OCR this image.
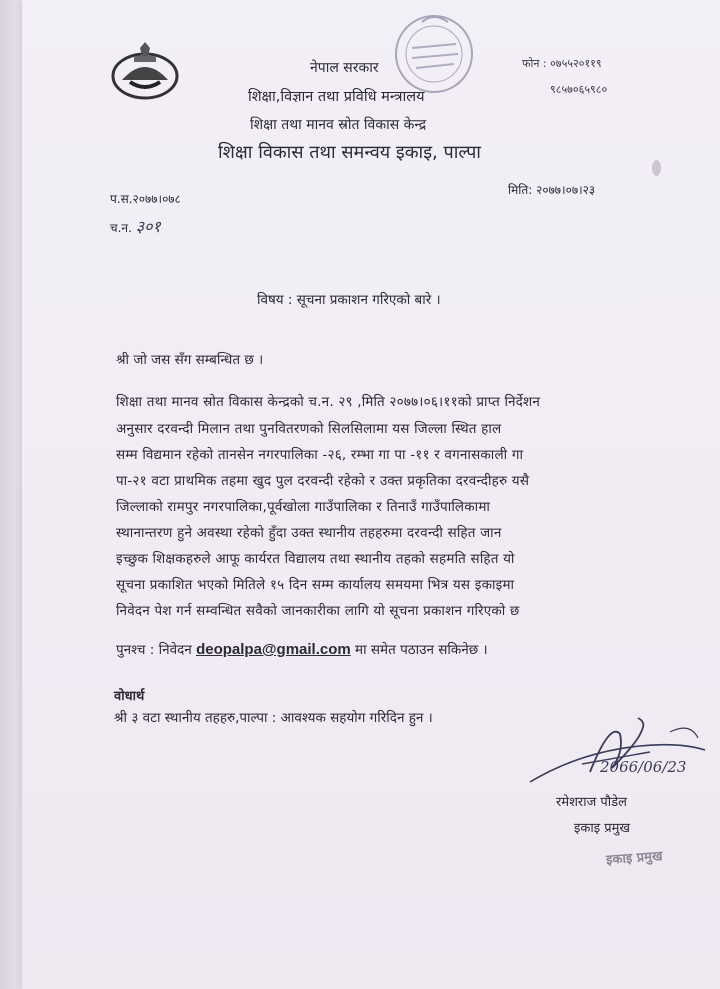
नेपाल सरकार
शिक्षा,विज्ञान तथा प्रविधि मन्त्रालय
शिक्षा तथा मानव स्रोत विकास केन्द्र
शिक्षा विकास तथा समन्वय इकाइ, पाल्पा
फोन : ०७५५२०११९
९८५७०६५९८०
प.स.२०७७।०७८
च.न. ३०१
मिति: २०७७।०७।२३
विषय : सूचना प्रकाशन गरिएको बारे ।
श्री जो जस सँग सम्बन्धित छ ।
शिक्षा तथा मानव स्रोत विकास केन्द्रको च.न. २९ ,मिति २०७७।०६।११को प्राप्त निर्देशन
अनुसार दरवन्दी मिलान तथा पुनवितरणको सिलसिलामा यस जिल्ला स्थित हाल
सम्म विद्यमान रहेको तानसेन नगरपालिका -२६, रम्भा गा पा -११ र वगनासकाली गा
पा-२१ वटा प्राथमिक तहमा खुद पुल दरवन्दी रहेको र उक्त प्रकृतिका दरवन्दीहरु यसै
जिल्लाको रामपुर नगरपालिका,पूर्वखोला गाउँपालिका र तिनाउँ गाउँपालिकामा
स्थानान्तरण हुने अवस्था रहेको हुँदा उक्त स्थानीय तहहरुमा दरवन्दी सहित जान
इच्छुक शिक्षकहरुले आफू कार्यरत विद्यालय तथा स्थानीय तहको सहमति सहित यो
सूचना प्रकाशित भएको मितिले १५ दिन सम्म कार्यालय समयमा भित्र यस इकाइमा
निवेदन पेश गर्न सम्वन्धित सवैको जानकारीका लागि यो सूचना प्रकाशन गरिएको छ
पुनश्च : निवेदन deopalpa@gmail.com मा समेत पठाउन सकिनेछ ।
वोधार्थ
श्री ३ वटा स्थानीय तहहरु,पाल्पा : आवश्यक सहयोग गरिदिन हुन ।
2066/06/23
रमेशराज पौडेल
इकाइ प्रमुख
इकाइ प्रमुख
